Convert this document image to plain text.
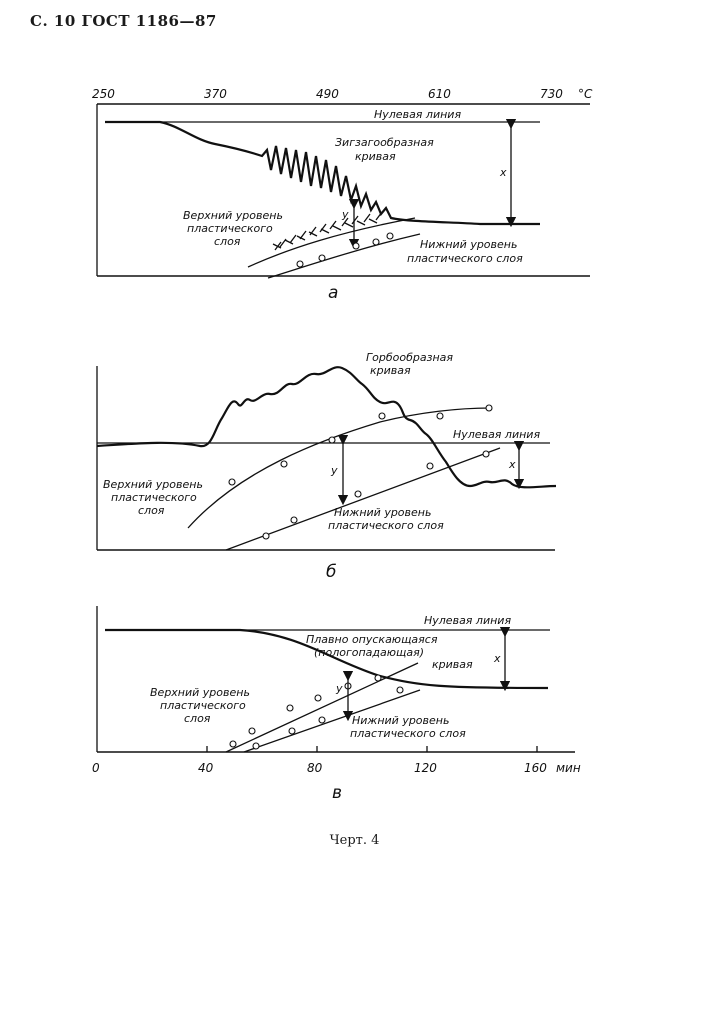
С. 10 ГОСТ 1186—87
250	370	490	610	730 °С
Нулевая линия
Зигзагообразная
кривая
x
Верхний уровень
пластического
слоя
y
Нижний уровень
пластического слоя
а
Нулевая линия
Горбообразная
кривая
Верхний уровень
пластического
слоя
y
Нижний уровень
пластического слоя
x
б
0	40	80	120	160 мин
Нулевая линия
Плавно опускающаяся
(пологопадающая)
кривая x
Верхний уровень
пластического
слоя
y
Нижний уровень
пластического слоя
в
Черт. 4
